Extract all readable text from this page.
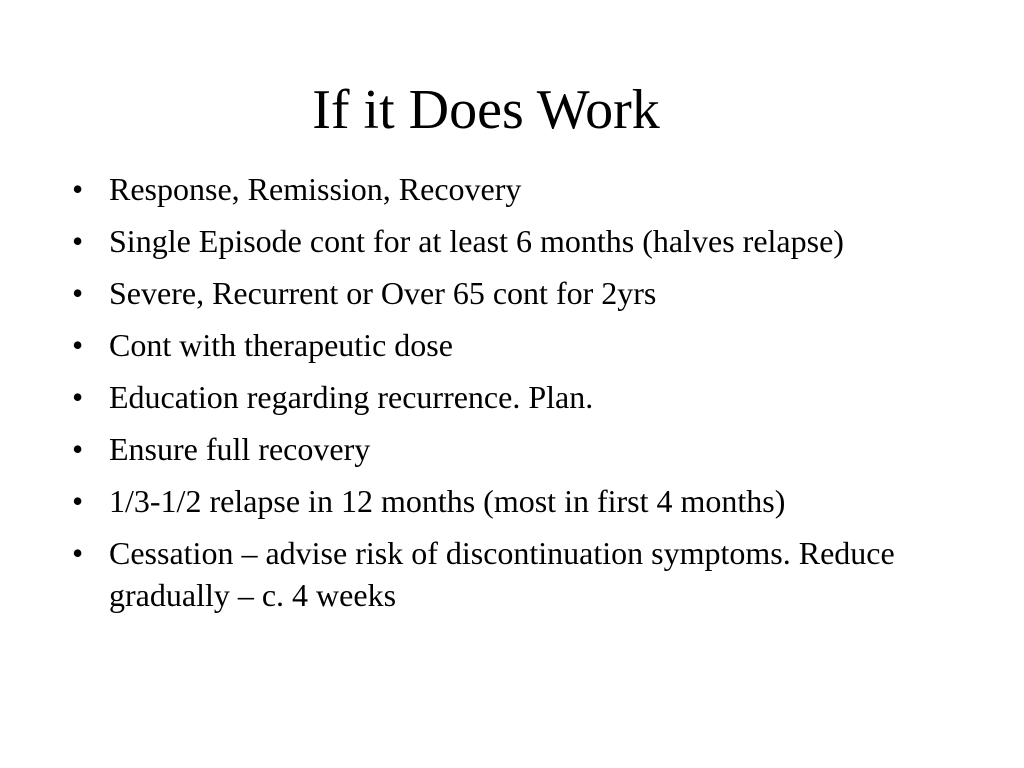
If it Does Work
• Response, Remission, Recovery
• Single Episode cont for at least 6 months (halves relapse)
• Severe, Recurrent or Over 65 cont for 2yrs
• Cont with therapeutic dose
• Education regarding recurrence. Plan.
• Ensure full recovery
• 1/3-1/2 relapse in 12 months (most in first 4 months)
• Cessation – advise risk of discontinuation symptoms. Reduce gradually – c. 4 weeks
